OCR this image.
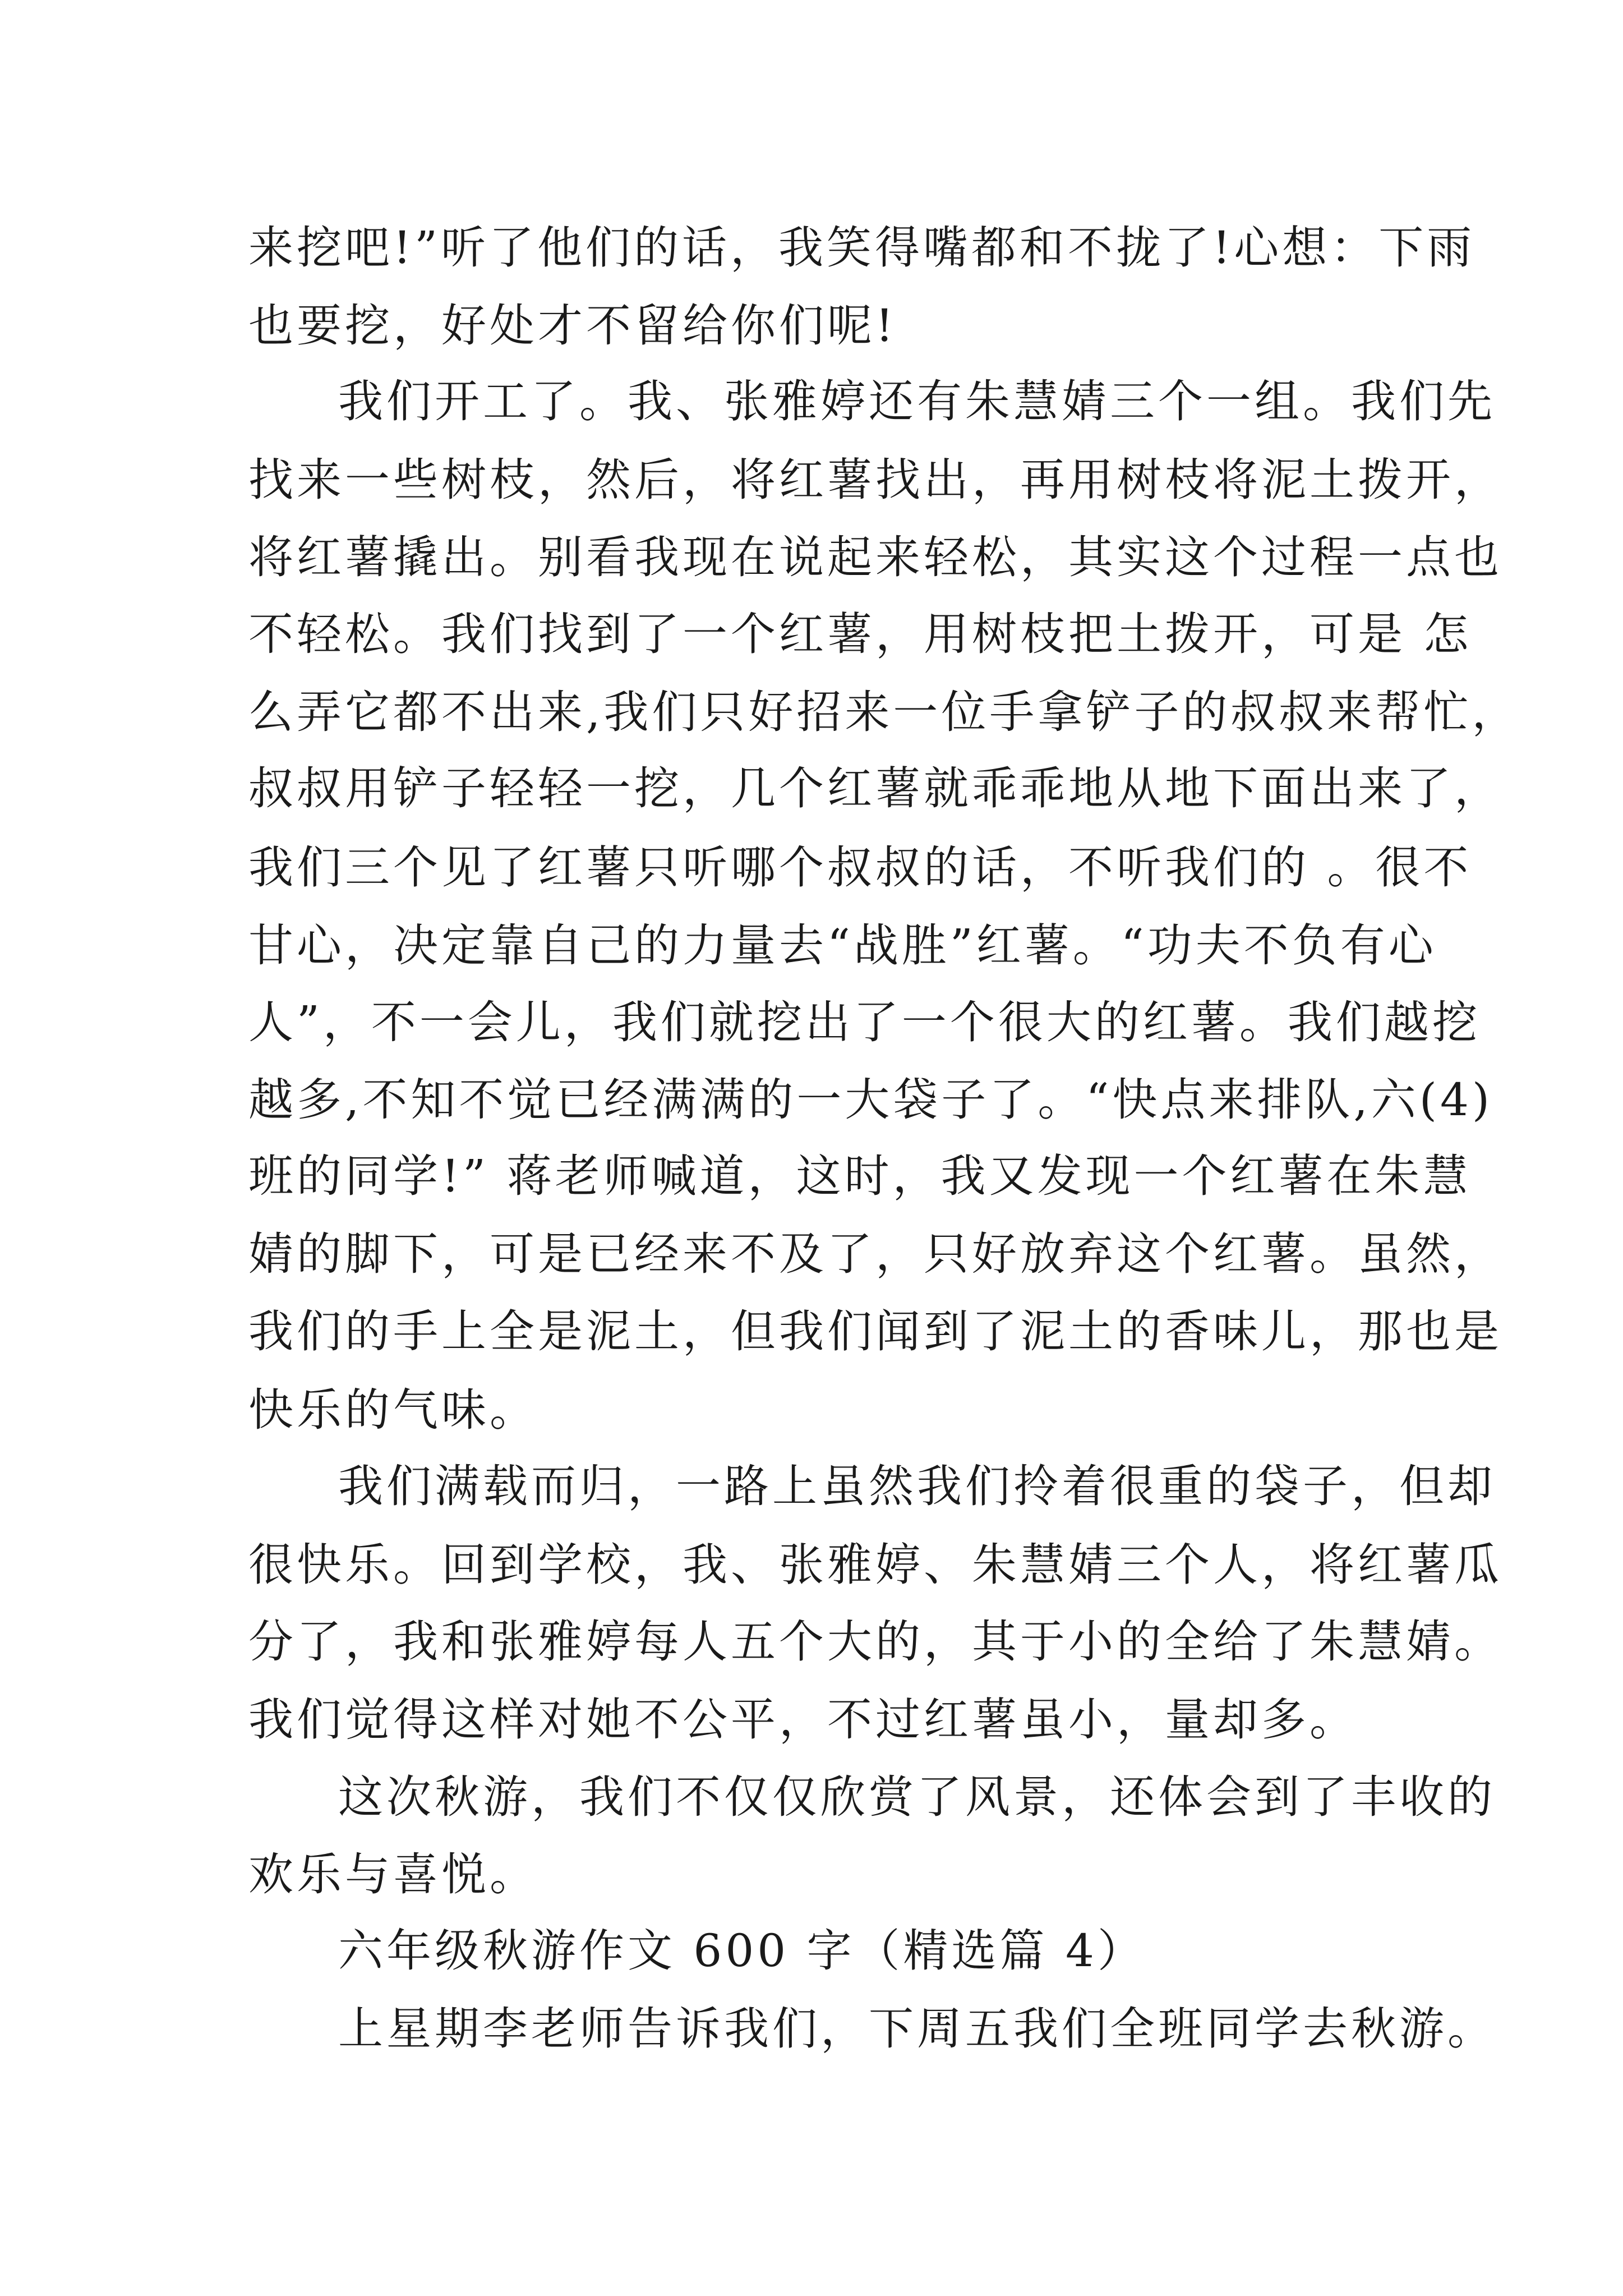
来挖吧!”听了他们的话，我笑得嘴都和不拢了!心想：下雨
也要挖，好处才不留给你们呢!
我们开工了。我、张雅婷还有朱慧婧三个一组。我们先
找来一些树枝，然后，将红薯找出，再用树枝将泥土拨开，
将红薯撬出。别看我现在说起来轻松，其实这个过程一点也
不轻松。我们找到了一个红薯，用树枝把土拨开，可是 怎
么弄它都不出来,我们只好招来一位手拿铲子的叔叔来帮忙，
叔叔用铲子轻轻一挖，几个红薯就乖乖地从地下面出来了，
我们三个见了红薯只听哪个叔叔的话，不听我们的 。很不
甘心，决定靠自己的力量去“战胜”红薯。“功夫不负有心
人”，不一会儿，我们就挖出了一个很大的红薯。我们越挖
越多,不知不觉已经满满的一大袋子了。“快点来排队,六(4)
班的同学!” 蒋老师喊道，这时，我又发现一个红薯在朱慧
婧的脚下，可是已经来不及了，只好放弃这个红薯。虽然，
我们的手上全是泥土，但我们闻到了泥土的香味儿，那也是
快乐的气味。
我们满载而归，一路上虽然我们拎着很重的袋子，但却
很快乐。回到学校，我、张雅婷、朱慧婧三个人，将红薯瓜
分了，我和张雅婷每人五个大的，其于小的全给了朱慧婧。
我们觉得这样对她不公平，不过红薯虽小，量却多。
这次秋游，我们不仅仅欣赏了风景，还体会到了丰收的
欢乐与喜悦。
六年级秋游作文 600 字（精选篇 4）
上星期李老师告诉我们，下周五我们全班同学去秋游。
